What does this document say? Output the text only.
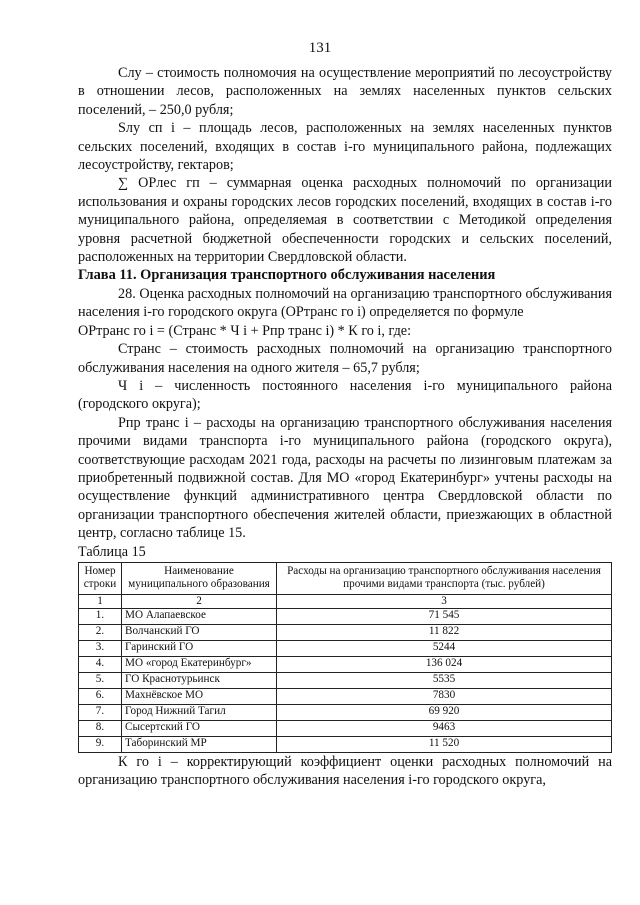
131

Слу – стоимость полномочия на осуществление мероприятий по лесоустройству в отношении лесов, расположенных на землях населенных пунктов сельских поселений, – 250,0 рубля;

Sлу сп i – площадь лесов, расположенных на землях населенных пунктов сельских поселений, входящих в состав i-го муниципального района, подлежащих лесоустройству, гектаров;

∑ ОРлес гп – суммарная оценка расходных полномочий по организации использования и охраны городских лесов городских поселений, входящих в состав i-го муниципального района, определяемая в соответствии с Методикой определения уровня расчетной бюджетной обеспеченности городских и сельских поселений, расположенных на территории Свердловской области.

Глава 11. Организация транспортного обслуживания населения

28. Оценка расходных полномочий на организацию транспортного обслуживания населения i-го городского округа (ОРтранс го i) определяется по формуле

ОРтранс го i = (Странс * Ч i + Рпр транс i) * К го i, где:

Странс – стоимость расходных полномочий на организацию транспортного обслуживания населения на одного жителя – 65,7 рубля;

Ч i – численность постоянного населения i-го муниципального района (городского округа);

Рпр транс i – расходы на организацию транспортного обслуживания населения прочими видами транспорта i-го муниципального района (городского округа), соответствующие расходам 2021 года, расходы на расчеты по лизинговым платежам за приобретенный подвижной состав. Для МО «город Екатеринбург» учтены расходы на осуществление функций административного центра Свердловской области по организации транспортного обеспечения жителей области, приезжающих в областной центр, согласно таблице 15.

Таблица 15

Номер строки	Наименование муниципального образования	Расходы на организацию транспортного обслуживания населения прочими видами транспорта (тыс. рублей)
1	2	3
1.	МО Алапаевское	71 545
2.	Волчанский ГО	11 822
3.	Гаринский ГО	5244
4.	МО «город Екатеринбург»	136 024
5.	ГО Краснотурьинск	5535
6.	Махнёвское МО	7830
7.	Город Нижний Тагил	69 920
8.	Сысертский ГО	9463
9.	Таборинский МР	11 520

К го i – корректирующий коэффициент оценки расходных полномочий на организацию транспортного обслуживания населения i-го городского округа,
